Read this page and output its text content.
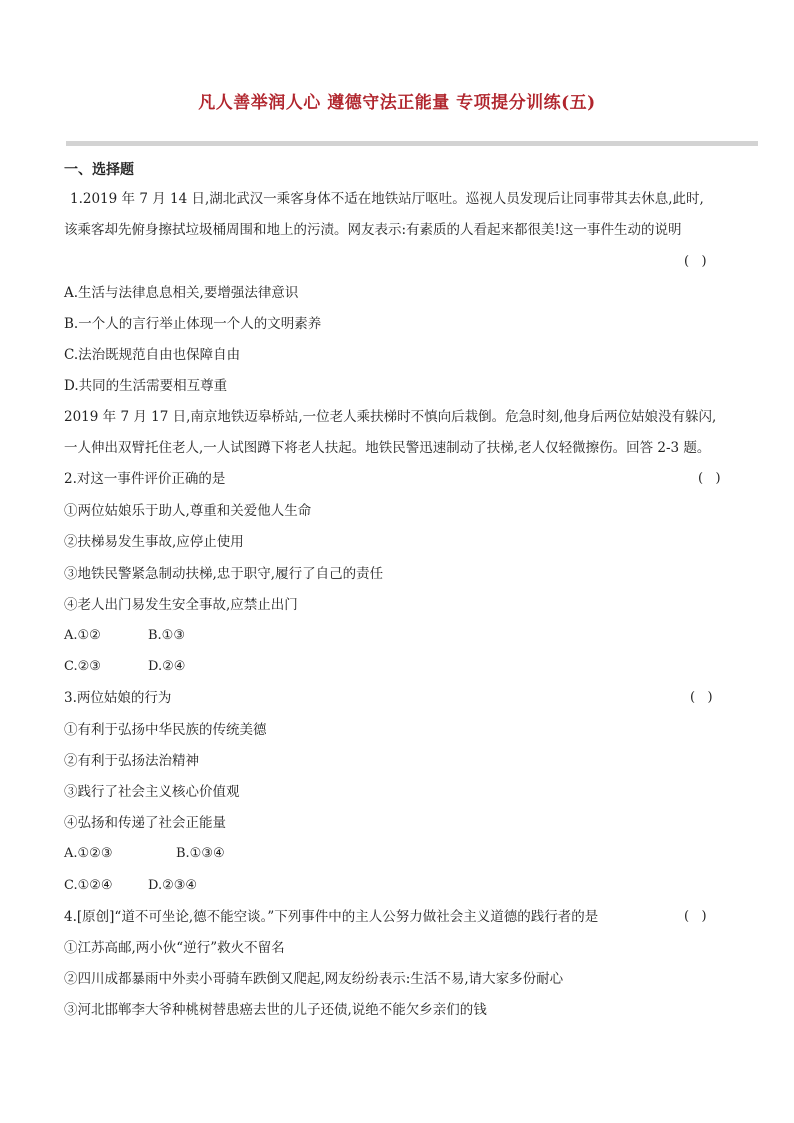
凡人善举润人心 遵德守法正能量 专项提分训练(五)
一、选择题
1.2019 年 7 月 14 日,湖北武汉一乘客身体不适在地铁站厅呕吐。巡视人员发现后让同事带其去休息,此时,
该乘客却先俯身擦拭垃圾桶周围和地上的污渍。网友表示:有素质的人看起来都很美!这一事件生动的说明
(   )
A.生活与法律息息相关,要增强法律意识
B.一个人的言行举止体现一个人的文明素养
C.法治既规范自由也保障自由
D.共同的生活需要相互尊重
2019 年 7 月 17 日,南京地铁迈皋桥站,一位老人乘扶梯时不慎向后栽倒。危急时刻,他身后两位姑娘没有躲闪,
一人伸出双臂托住老人,一人试图蹲下将老人扶起。地铁民警迅速制动了扶梯,老人仅轻微擦伤。回答 2-3 题。
2.对这一事件评价正确的是	(   )
①两位姑娘乐于助人,尊重和关爱他人生命
②扶梯易发生事故,应停止使用
③地铁民警紧急制动扶梯,忠于职守,履行了自己的责任
④老人出门易发生安全事故,应禁止出门
A.①②	B.①③
C.②③	D.②④
3.两位姑娘的行为	(   )
①有利于弘扬中华民族的传统美德
②有利于弘扬法治精神
③践行了社会主义核心价值观
④弘扬和传递了社会正能量
A.①②③	B.①③④
C.①②④	D.②③④
4.[原创]“道不可坐论,德不能空谈。”下列事件中的主人公努力做社会主义道德的践行者的是	(   )
①江苏高邮,两小伙“逆行”救火不留名
②四川成都暴雨中外卖小哥骑车跌倒又爬起,网友纷纷表示:生活不易,请大家多份耐心
③河北邯郸李大爷种桃树替患癌去世的儿子还债,说绝不能欠乡亲们的钱
